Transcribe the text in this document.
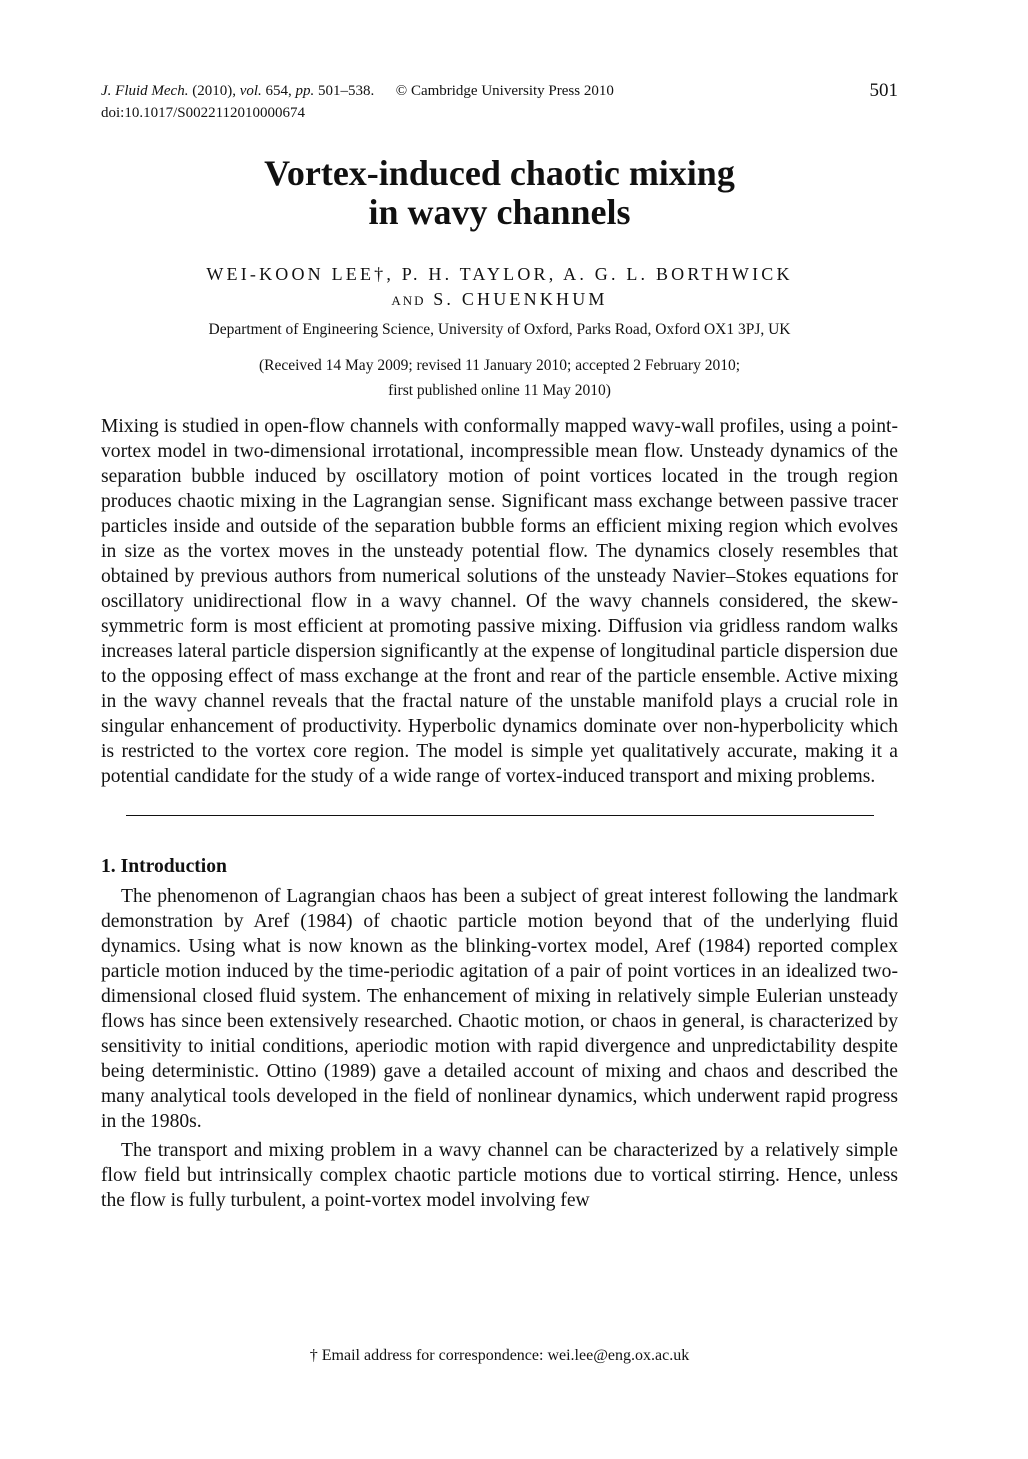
J. Fluid Mech. (2010), vol. 654, pp. 501–538. © Cambridge University Press 2010	501
doi:10.1017/S0022112010000674
Vortex-induced chaotic mixing
in wavy channels
WEI-KOON LEE†, P. H. TAYLOR, A. G. L. BORTHWICK
AND S. CHUENKHUM
Department of Engineering Science, University of Oxford, Parks Road, Oxford OX1 3PJ, UK
(Received 14 May 2009; revised 11 January 2010; accepted 2 February 2010;
first published online 11 May 2010)
Mixing is studied in open-flow channels with conformally mapped wavy-wall profiles, using a point-vortex model in two-dimensional irrotational, incompressible mean flow. Unsteady dynamics of the separation bubble induced by oscillatory motion of point vortices located in the trough region produces chaotic mixing in the Lagrangian sense. Significant mass exchange between passive tracer particles inside and outside of the separation bubble forms an efficient mixing region which evolves in size as the vortex moves in the unsteady potential flow. The dynamics closely resembles that obtained by previous authors from numerical solutions of the unsteady Navier–Stokes equations for oscillatory unidirectional flow in a wavy channel. Of the wavy channels considered, the skew-symmetric form is most efficient at promoting passive mixing. Diffusion via gridless random walks increases lateral particle dispersion significantly at the expense of longitudinal particle dispersion due to the opposing effect of mass exchange at the front and rear of the particle ensemble. Active mixing in the wavy channel reveals that the fractal nature of the unstable manifold plays a crucial role in singular enhancement of productivity. Hyperbolic dynamics dominate over non-hyperbolicity which is restricted to the vortex core region. The model is simple yet qualitatively accurate, making it a potential candidate for the study of a wide range of vortex-induced transport and mixing problems.
1. Introduction

The phenomenon of Lagrangian chaos has been a subject of great interest following the landmark demonstration by Aref (1984) of chaotic particle motion beyond that of the underlying fluid dynamics. Using what is now known as the blinking-vortex model, Aref (1984) reported complex particle motion induced by the time-periodic agitation of a pair of point vortices in an idealized two-dimensional closed fluid system. The enhancement of mixing in relatively simple Eulerian unsteady flows has since been extensively researched. Chaotic motion, or chaos in general, is characterized by sensitivity to initial conditions, aperiodic motion with rapid divergence and unpredictability despite being deterministic. Ottino (1989) gave a detailed account of mixing and chaos and described the many analytical tools developed in the field of nonlinear dynamics, which underwent rapid progress in the 1980s.

The transport and mixing problem in a wavy channel can be characterized by a relatively simple flow field but intrinsically complex chaotic particle motions due to vortical stirring. Hence, unless the flow is fully turbulent, a point-vortex model involving few

† Email address for correspondence: wei.lee@eng.ox.ac.uk
